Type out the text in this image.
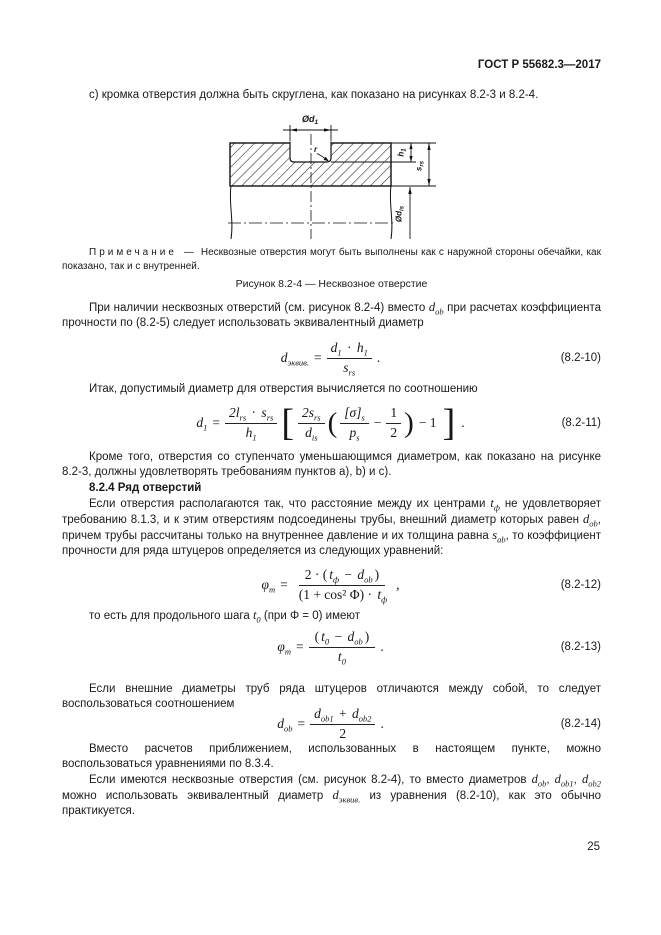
ГОСТ Р 55682.3—2017
с) кромка отверстия должна быть скруглена, как показано на рисунках 8.2-3 и 8.2-4.
$Ød_1$
r
$h_1$
$s_{rs}$
$Ød_{is}$
Примечание — Несквозные отверстия могут быть выполнены как с наружной стороны обечайки, как показано, так и с внутренней.
Рисунок 8.2-4 — Несквозное отверстие
При наличии несквозных отверстий (см. рисунок 8.2-4) вместо $d_{ob}$ при расчетах коэффициента прочности по (8.2-5) следует использовать эквивалентный диаметр
$d_{эквив.} = \frac{d_1 \cdot h_1}{s_{rs}}$ .	(8.2-10)
Итак, допустимый диаметр для отверстия вычисляется по соотношению
$d_1 = \frac{2l_{rs} \cdot s_{rs}}{h_1}$ [ $\frac{2s_{rs}}{d_{is}}$ ( $\frac{[\sigma]_s}{p_s} - \frac{1}{2}$ ) − 1 ] .	(8.2-11)
Кроме того, отверстия со ступенчато уменьшающимся диаметром, как показано на рисунке 8.2-3, должны удовлетворять требованиям пунктов a), b) и c).
8.2.4 Ряд отверстий
Если отверстия располагаются так, что расстояние между их центрами $t_ф$ не удовлетворяет требованию 8.1.3, и к этим отверстиям подсоединены трубы, внешний диаметр которых равен $d_{ob}$, причем трубы рассчитаны только на внутреннее давление и их толщина равна $s_{ab}$, то коэффициент прочности для ряда штуцеров определяется из следующих уравнений:
$\varphi_m = \frac{2 \cdot ( t_ф - d_{ob} )}{(1 + \cos^2 \Phi) \cdot t_ф}$ ,	(8.2-12)
то есть для продольного шага $t_0$ (при Φ = 0) имеют
$\varphi_m = \frac{( t_0 - d_{ob} )}{t_0}$ .	(8.2-13)
Если внешние диаметры труб ряда штуцеров отличаются между собой, то следует воспользоваться соотношением
$d_{ob} = \frac{d_{ob1} + d_{ob2}}{2}$ .	(8.2-14)
Вместо расчетов приближением, использованных в настоящем пункте, можно воспользоваться уравнениями по 8.3.4.
Если имеются несквозные отверстия (см. рисунок 8.2-4), то вместо диаметров $d_{ob}$, $d_{ob1}$, $d_{ob2}$ можно использовать эквивалентный диаметр $d_{эквив.}$ из уравнения (8.2-10), как это обычно практикуется.
25
